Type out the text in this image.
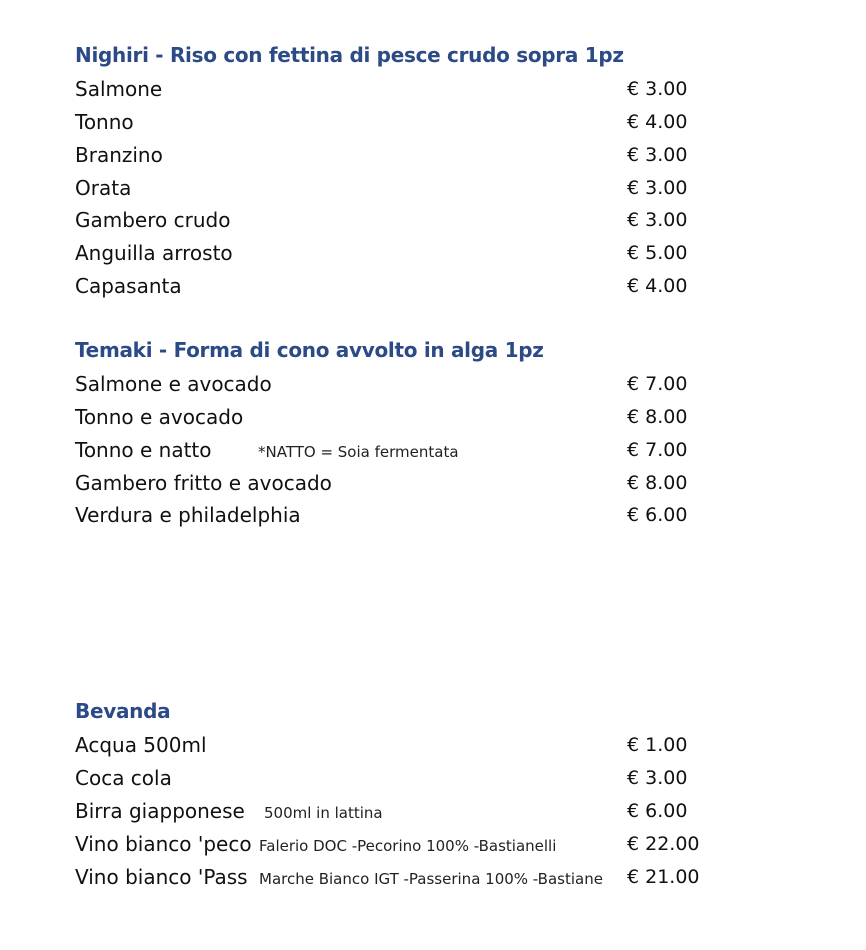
Nighiri - Riso con fettina di pesce crudo sopra 1pz
Salmone	€ 3.00
Tonno	€ 4.00
Branzino	€ 3.00
Orata	€ 3.00
Gambero crudo	€ 3.00
Anguilla arrosto	€ 5.00
Capasanta	€ 4.00
Temaki - Forma di cono avvolto in alga 1pz
Salmone e avocado	€ 7.00
Tonno e avocado	€ 8.00
Tonno e natto	*NATTO = Soia fermentata	€ 7.00
Gambero fritto e avocado	€ 8.00
Verdura e philadelphia	€ 6.00
Bevanda
Acqua 500ml	€ 1.00
Coca cola	€ 3.00
Birra giapponese 500ml in lattina	€ 6.00
Vino bianco 'peco Falerio DOC -Pecorino 100% -Bastianelli	€ 22.00
Vino bianco 'Pass Marche Bianco IGT -Passerina 100% -Bastiane	€ 21.00
